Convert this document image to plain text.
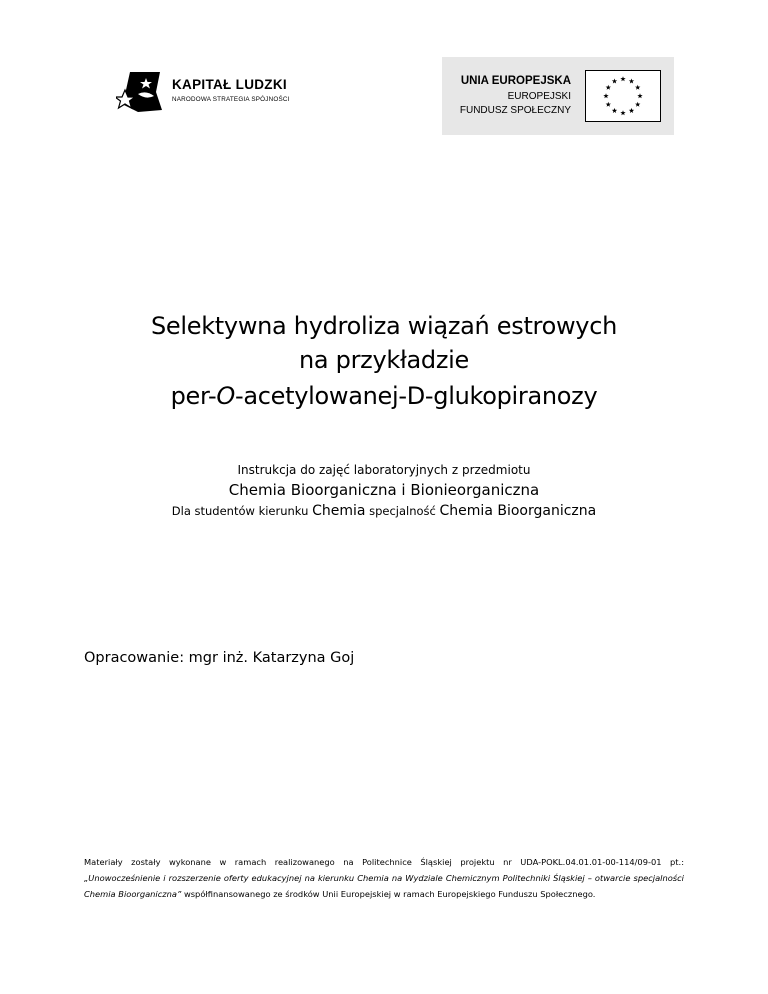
KAPITAŁ LUDZKI
NARODOWA STRATEGIA SPÓJNOŚCI
UNIA EUROPEJSKA
EUROPEJSKI
FUNDUSZ SPOŁECZNY
Selektywna hydroliza wiązań estrowych
na przykładzie
per-O-acetylowanej-D-glukopiranozy
Instrukcja do zajęć laboratoryjnych z przedmiotu
Chemia Bioorganiczna i Bionieorganiczna
Dla studentów kierunku Chemia specjalność Chemia Bioorganiczna
Opracowanie: mgr inż. Katarzyna Goj
Materiały zostały wykonane w ramach realizowanego na Politechnice Śląskiej projektu nr UDA-POKL.04.01.01-00-114/09-01 pt.: „Unowocześnienie i rozszerzenie oferty edukacyjnej na kierunku Chemia na Wydziale Chemicznym Politechniki Śląskiej – otwarcie specjalności Chemia Bioorganiczna” współfinansowanego ze środków Unii Europejskiej w ramach Europejskiego Funduszu Społecznego.
